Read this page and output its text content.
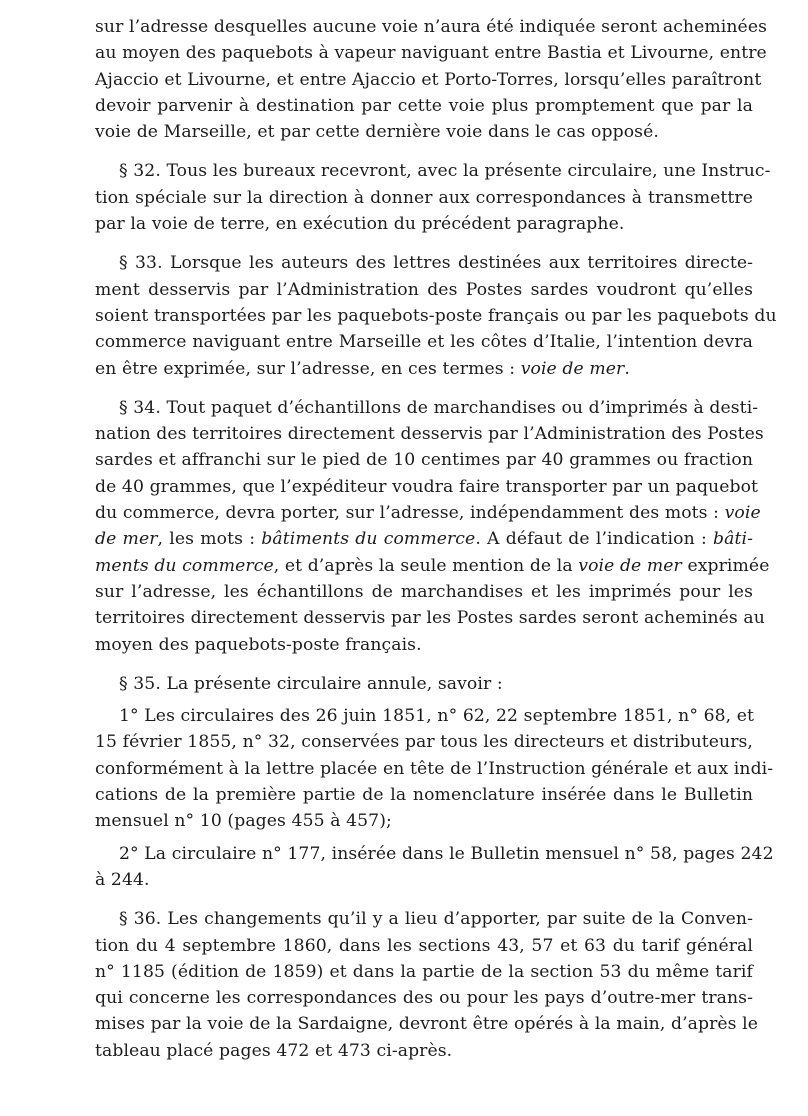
sur l’adresse desquelles aucune voie n’aura été indiquée seront acheminées
au moyen des paquebots à vapeur naviguant entre Bastia et Livourne, entre
Ajaccio et Livourne, et entre Ajaccio et Porto-Torres, lorsqu’elles paraîtront
devoir parvenir à destination par cette voie plus promptement que par la
voie de Marseille, et par cette dernière voie dans le cas opposé.
§ 32. Tous les bureaux recevront, avec la présente circulaire, une Instruc-
tion spéciale sur la direction à donner aux correspondances à transmettre
par la voie de terre, en exécution du précédent paragraphe.
§ 33. Lorsque les auteurs des lettres destinées aux territoires directe-
ment desservis par l’Administration des Postes sardes voudront qu’elles
soient transportées par les paquebots-poste français ou par les paquebots du
commerce naviguant entre Marseille et les côtes d’Italie, l’intention devra
en être exprimée, sur l’adresse, en ces termes : voie de mer.
§ 34. Tout paquet d’échantillons de marchandises ou d’imprimés à desti-
nation des territoires directement desservis par l’Administration des Postes
sardes et affranchi sur le pied de 10 centimes par 40 grammes ou fraction
de 40 grammes, que l’expéditeur voudra faire transporter par un paquebot
du commerce, devra porter, sur l’adresse, indépendamment des mots : voie
de mer, les mots : bâtiments du commerce. A défaut de l’indication : bâti-
ments du commerce, et d’après la seule mention de la voie de mer exprimée
sur l’adresse, les échantillons de marchandises et les imprimés pour les
territoires directement desservis par les Postes sardes seront acheminés au
moyen des paquebots-poste français.
§ 35. La présente circulaire annule, savoir :
1° Les circulaires des 26 juin 1851, n° 62, 22 septembre 1851, n° 68, et
15 février 1855, n° 32, conservées par tous les directeurs et distributeurs,
conformément à la lettre placée en tête de l’Instruction générale et aux indi-
cations de la première partie de la nomenclature insérée dans le Bulletin
mensuel n° 10 (pages 455 à 457);
2° La circulaire n° 177, insérée dans le Bulletin mensuel n° 58, pages 242
à 244.
§ 36. Les changements qu’il y a lieu d’apporter, par suite de la Conven-
tion du 4 septembre 1860, dans les sections 43, 57 et 63 du tarif général
n° 1185 (édition de 1859) et dans la partie de la section 53 du même tarif
qui concerne les correspondances des ou pour les pays d’outre-mer trans-
mises par la voie de la Sardaigne, devront être opérés à la main, d’après le
tableau placé pages 472 et 473 ci-après.
